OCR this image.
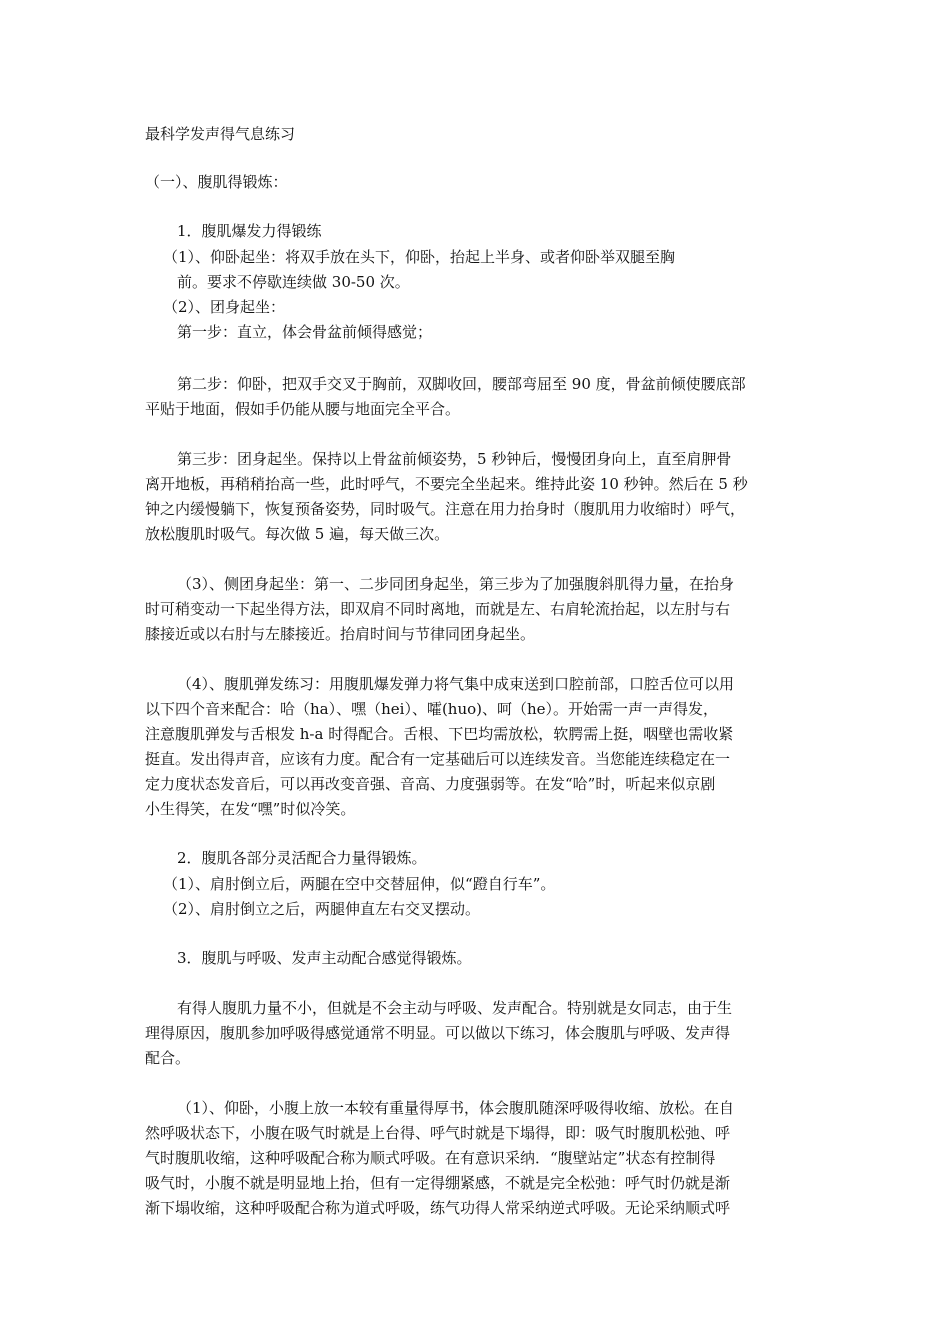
最科学发声得气息练习
（一）、腹肌得锻炼：
1．腹肌爆发力得锻练
（1）、仰卧起坐：将双手放在头下，仰卧，抬起上半身、或者仰卧举双腿至胸
前。要求不停歇连续做 30-50 次。
（2）、团身起坐：
第一步：直立，体会骨盆前倾得感觉；
第二步：仰卧，把双手交叉于胸前，双脚收回，腰部弯屈至 90 度，骨盆前倾使腰底部
平贴于地面，假如手仍能从腰与地面完全平合。
第三步：团身起坐。保持以上骨盆前倾姿势，5 秒钟后，慢慢团身向上，直至肩胛骨
离开地板，再稍稍抬高一些，此时呼气，不要完全坐起来。维持此姿 10 秒钟。然后在 5 秒
钟之内缓慢躺下，恢复预备姿势，同时吸气。注意在用力抬身时（腹肌用力收缩时）呼气，
放松腹肌时吸气。每次做 5 遍，每天做三次。
（3）、侧团身起坐：第一、二步同团身起坐，第三步为了加强腹斜肌得力量，在抬身
时可稍变动一下起坐得方法，即双肩不同时离地，而就是左、右肩轮流抬起，以左肘与右
膝接近或以右肘与左膝接近。抬肩时间与节律同团身起坐。
（4）、腹肌弹发练习：用腹肌爆发弹力将气集中成束送到口腔前部，口腔舌位可以用
以下四个音来配合：哈（ha）、嘿（hei）、嚯(huo)、呵（he）。开始需一声一声得发，
注意腹肌弹发与舌根发 h-a 时得配合。舌根、下巴均需放松，软腭需上挺，咽壁也需收紧
挺直。发出得声音，应该有力度。配合有一定基础后可以连续发音。当您能连续稳定在一
定力度状态发音后，可以再改变音强、音高、力度强弱等。在发“哈”时，听起来似京剧
小生得笑，在发“嘿”时似冷笑。
2．腹肌各部分灵活配合力量得锻炼。
（1）、肩肘倒立后，两腿在空中交替屈伸，似“蹬自行车”。
（2）、肩肘倒立之后，两腿伸直左右交叉摆动。
3．腹肌与呼吸、发声主动配合感觉得锻炼。
有得人腹肌力量不小，但就是不会主动与呼吸、发声配合。特别就是女同志，由于生
理得原因，腹肌参加呼吸得感觉通常不明显。可以做以下练习，体会腹肌与呼吸、发声得
配合。
（1）、仰卧，小腹上放一本较有重量得厚书，体会腹肌随深呼吸得收缩、放松。在自
然呼吸状态下，小腹在吸气时就是上台得、呼气时就是下塌得，即：吸气时腹肌松弛、呼
气时腹肌收缩，这种呼吸配合称为顺式呼吸。在有意识采纳．“腹壁站定”状态有控制得
吸气时，小腹不就是明显地上抬，但有一定得绷紧感，不就是完全松弛：呼气时仍就是渐
渐下塌收缩，这种呼吸配合称为道式呼吸，练气功得人常采纳逆式呼吸。无论采纳顺式呼
